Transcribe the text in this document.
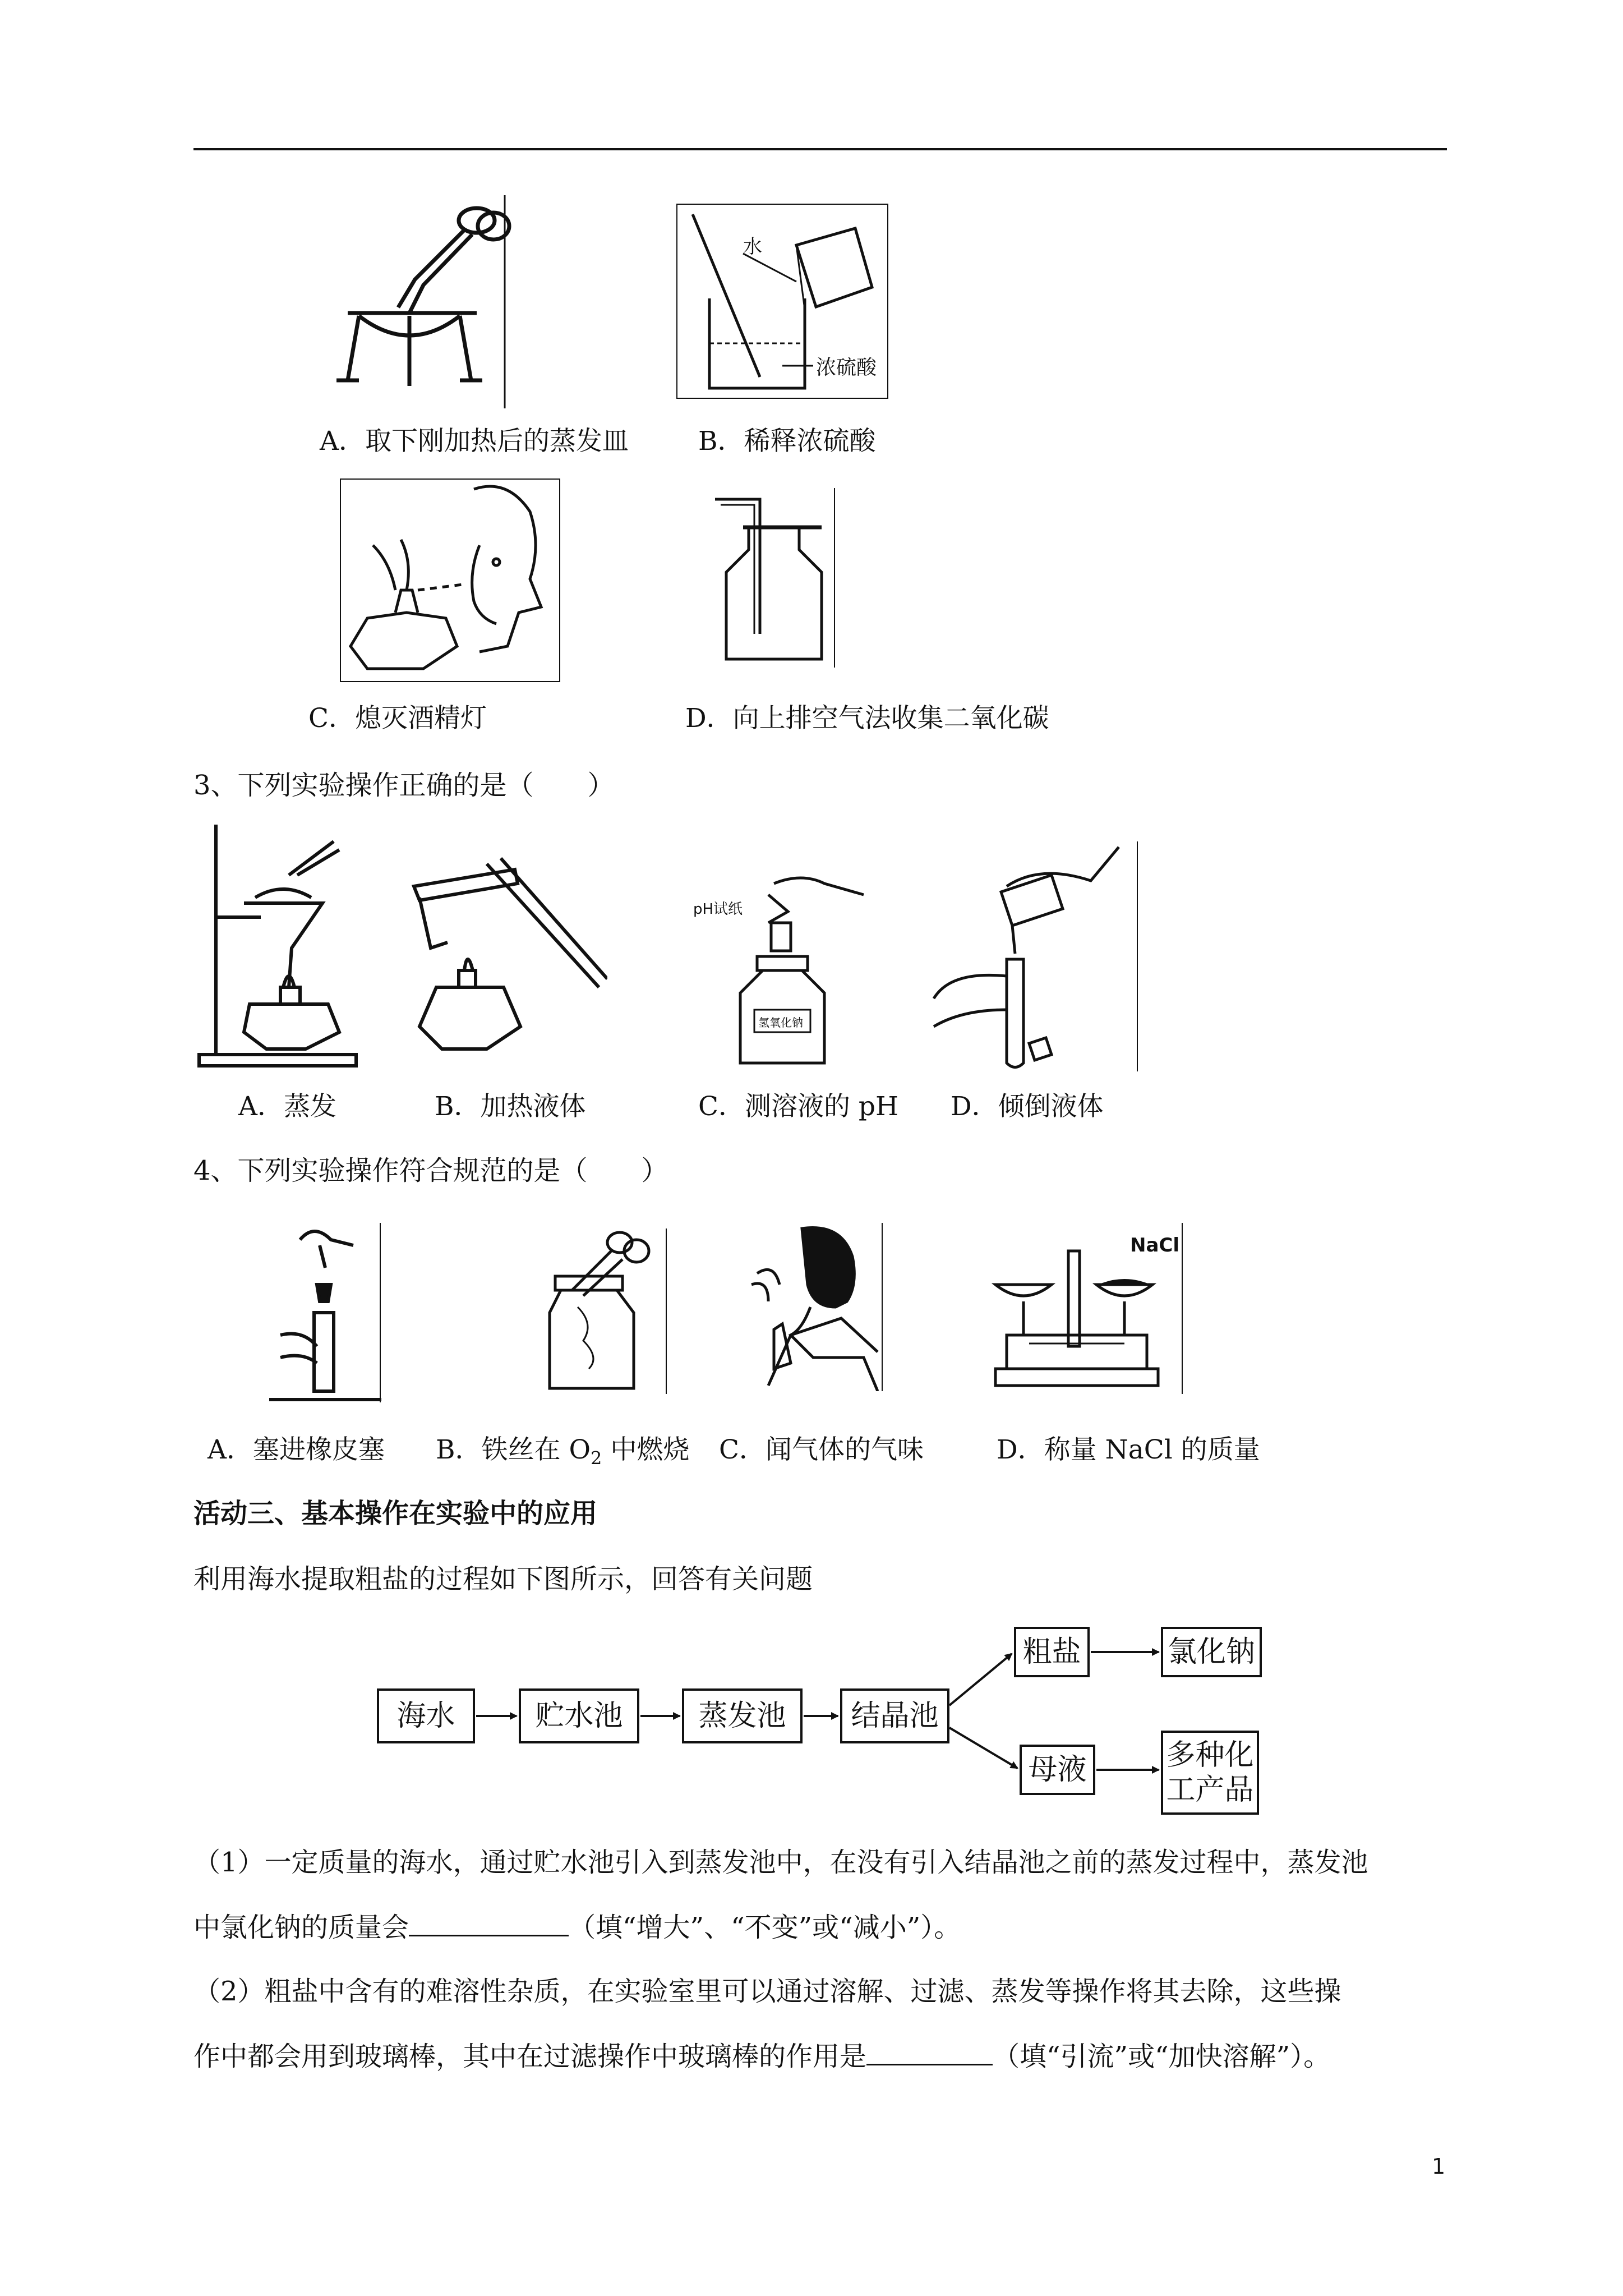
A．取下刚加热后的蒸发皿
水
浓硫酸
B．稀释浓硫酸
C．熄灭酒精灯	D．向上排空气法收集二氧化碳
3、下列实验操作正确的是（　　）
A．蒸发	B．加热液体
pH试纸
氢氧化钠
C．测溶液的 pH D．倾倒液体
4、下列实验操作符合规范的是（　　）
A．塞进橡皮塞 B．铁丝在 $O_2$ 中燃烧 C．闻气体的气味
NaCl
D．称量 NaCl 的质量
活动三、基本操作在实验中的应用
利用海水提取粗盐的过程如下图所示，回答有关问题
海水	贮水池	蒸发池	结晶池
粗盐	氯化钠
母液	多种化
工产品
（1）一定质量的海水，通过贮水池引入到蒸发池中，在没有引入结晶池之前的蒸发过程中，蒸发池
中氯化钠的质量会	（填“增大”、“不变”或“减小”）。
（2）粗盐中含有的难溶性杂质，在实验室里可以通过溶解、过滤、蒸发等操作将其去除，这些操
作中都会用到玻璃棒，其中在过滤操作中玻璃棒的作用是	（填“引流”或“加快溶解”）。
1
